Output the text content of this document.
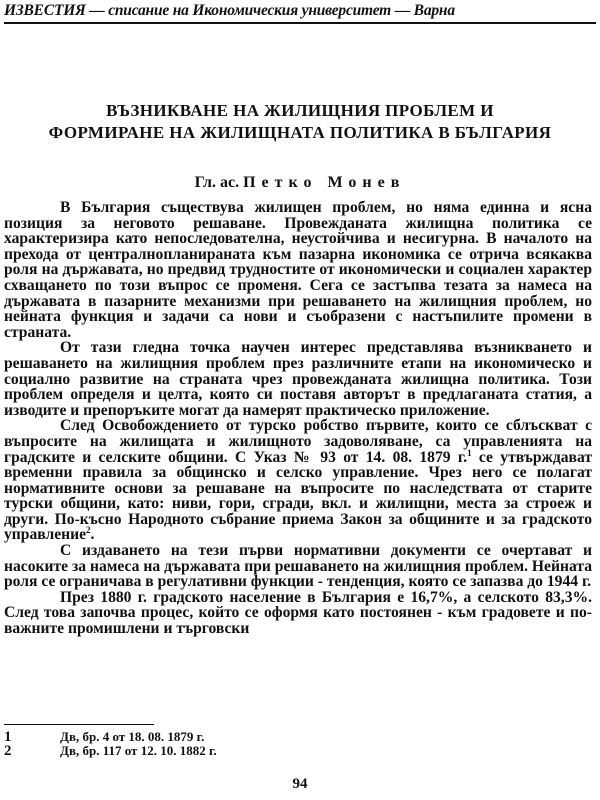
ИЗВЕСТИЯ — списание на Икономическия университет — Варна
ВЪЗНИКВАНЕ НА ЖИЛИЩНИЯ ПРОБЛЕМ И
ФОРМИРАНЕ НА ЖИЛИЩНАТА ПОЛИТИКА В БЪЛГАРИЯ
Гл. ас. Петко Монев

В България съществува жилищен проблем, но няма единна и ясна позиция за неговото решаване. Провежданата жилищна политика се характеризира като непоследователна, неустойчива и несигурна. В началото на прехода от централнопланираната към пазарна икономика се отрича всякаква роля на държавата, но предвид трудностите от икономически и социален характер схващането по този въпрос се променя. Сега се застъпва тезата за намеса на държавата в пазарните механизми при решаването на жилищния проблем, но нейната функция и задачи са нови и съобразени с настъпилите промени в страната.

От тази гледна точка научен интерес представлява възникването и решаването на жилищния проблем през различните етапи на икономическо и социално развитие на страната чрез провежданата жилищна политика. Този проблем определя и целта, която си поставя авторът в предлаганата статия, а изводите и препоръките могат да намерят практическо приложение.

След Освобождението от турско робство първите, които се сблъскват с въпросите на жилищата и жилищното задоволяване, са управленията на градските и селските общини. С Указ № 93 от 14. 08. 1879 г.$^1$ се утвърждават временни правила за общинско и селско управление. Чрез него се полагат нормативните основи за решаване на въпросите по наследствата от старите турски общини, като: ниви, гори, сгради, вкл. и жилищни, места за строеж и други. По-късно Народното събрание приема Закон за общините и за градското управление$^2$.

С издаването на тези първи нормативни документи се очертават и насоките за намеса на държавата при решаването на жилищния проблем. Нейната роля се ограничава в регулативни функции - тенденция, която се запазва до 1944 г.

През 1880 г. градското население в България е 16,7%, а селското 83,3%. След това започва процес, който се оформя като постоянен - към градовете и по-важните промишлени и търговски

1	Дв, бр. 4 от 18. 08. 1879 г.
2	Дв, бр. 117 от 12. 10. 1882 г.
94
